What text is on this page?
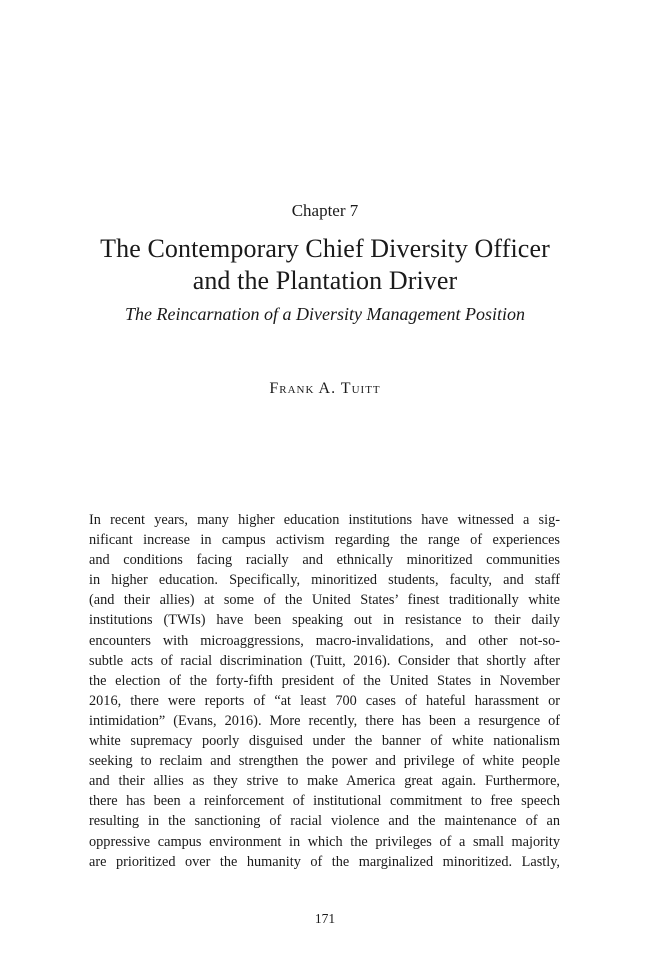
Chapter 7
The Contemporary Chief Diversity Officer
and the Plantation Driver

The Reincarnation of a Diversity Management Position

Frank A. Tuitt

In recent years, many higher education institutions have witnessed a sig-
nificant increase in campus activism regarding the range of experiences
and conditions facing racially and ethnically minoritized communities
in higher education. Specifically, minoritized students, faculty, and staff
(and their allies) at some of the United States’ finest traditionally white
institutions (TWIs) have been speaking out in resistance to their daily
encounters with microaggressions, macro-invalidations, and other not-so-
subtle acts of racial discrimination (Tuitt, 2016). Consider that shortly after
the election of the forty-fifth president of the United States in November
2016, there were reports of “at least 700 cases of hateful harassment or
intimidation” (Evans, 2016). More recently, there has been a resurgence of
white supremacy poorly disguised under the banner of white nationalism
seeking to reclaim and strengthen the power and privilege of white people
and their allies as they strive to make America great again. Furthermore,
there has been a reinforcement of institutional commitment to free speech
resulting in the sanctioning of racial violence and the maintenance of an
oppressive campus environment in which the privileges of a small majority
are prioritized over the humanity of the marginalized minoritized. Lastly,

171
